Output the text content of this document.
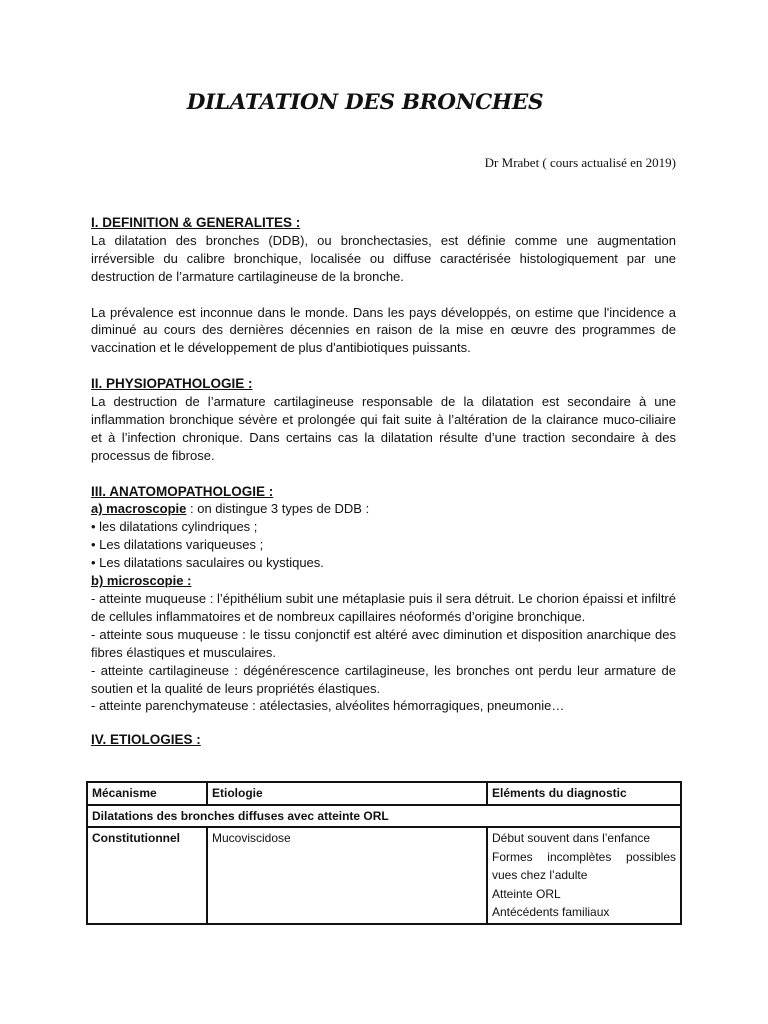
DILATATION DES BRONCHES
Dr Mrabet ( cours actualisé en 2019)

I. DEFINITION & GENERALITES :

La dilatation des bronches (DDB), ou bronchectasies, est définie comme une augmentation irréversible du calibre bronchique, localisée ou diffuse caractérisée histologiquement par une destruction de l’armature cartilagineuse de la bronche.

La prévalence est inconnue dans le monde. Dans les pays développés, on estime que l'incidence a diminué au cours des dernières décennies en raison de la mise en œuvre des programmes de vaccination et le développement de plus d'antibiotiques puissants.

II. PHYSIOPATHOLOGIE :

La destruction de l’armature cartilagineuse responsable de la dilatation est secondaire à une inflammation bronchique sévère et prolongée qui fait suite à l’altération de la clairance muco-ciliaire et à l’infection chronique. Dans certains cas la dilatation résulte d’une traction secondaire à des processus de fibrose.

III. ANATOMOPATHOLOGIE :

a) macroscopie : on distingue 3 types de DDB :

• les dilatations cylindriques ;

• Les dilatations variqueuses ;

• Les dilatations saculaires ou kystiques.

b) microscopie :

- atteinte muqueuse : l’épithélium subit une métaplasie puis il sera détruit. Le chorion épaissi et infiltré de cellules inflammatoires et de nombreux capillaires néoformés d’origine bronchique.

- atteinte sous muqueuse : le tissu conjonctif est altéré avec diminution et disposition anarchique des fibres élastiques et musculaires.

- atteinte cartilagineuse : dégénérescence cartilagineuse, les bronches ont perdu leur armature de soutien et la qualité de leurs propriétés élastiques.

- atteinte parenchymateuse : atélectasies, alvéolites hémorragiques, pneumonie…

IV. ETIOLOGIES :

Mécanisme	Etiologie	Eléments du diagnostic
Dilatations des bronches diffuses avec atteinte ORL		
Constitutionnel	Mucoviscidose	Début souvent dans l’enfance

Formes incomplètes possibles vues chez l’adulte

Atteinte ORL

Antécédents familiaux
